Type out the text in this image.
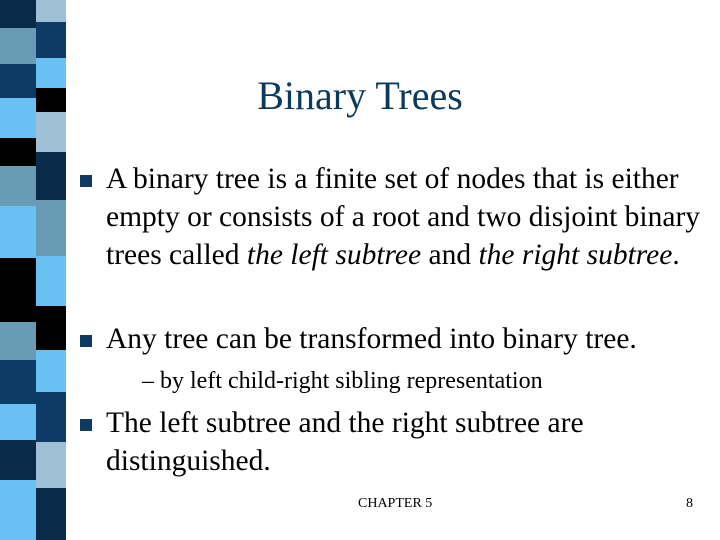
Binary Trees
A binary tree is a finite set of nodes that is either empty or consists of a root and two disjoint binary trees called the left subtree and the right subtree.
Any tree can be transformed into binary tree.
– by left child-right sibling representation
The left subtree and the right subtree are distinguished.
CHAPTER 5	8
